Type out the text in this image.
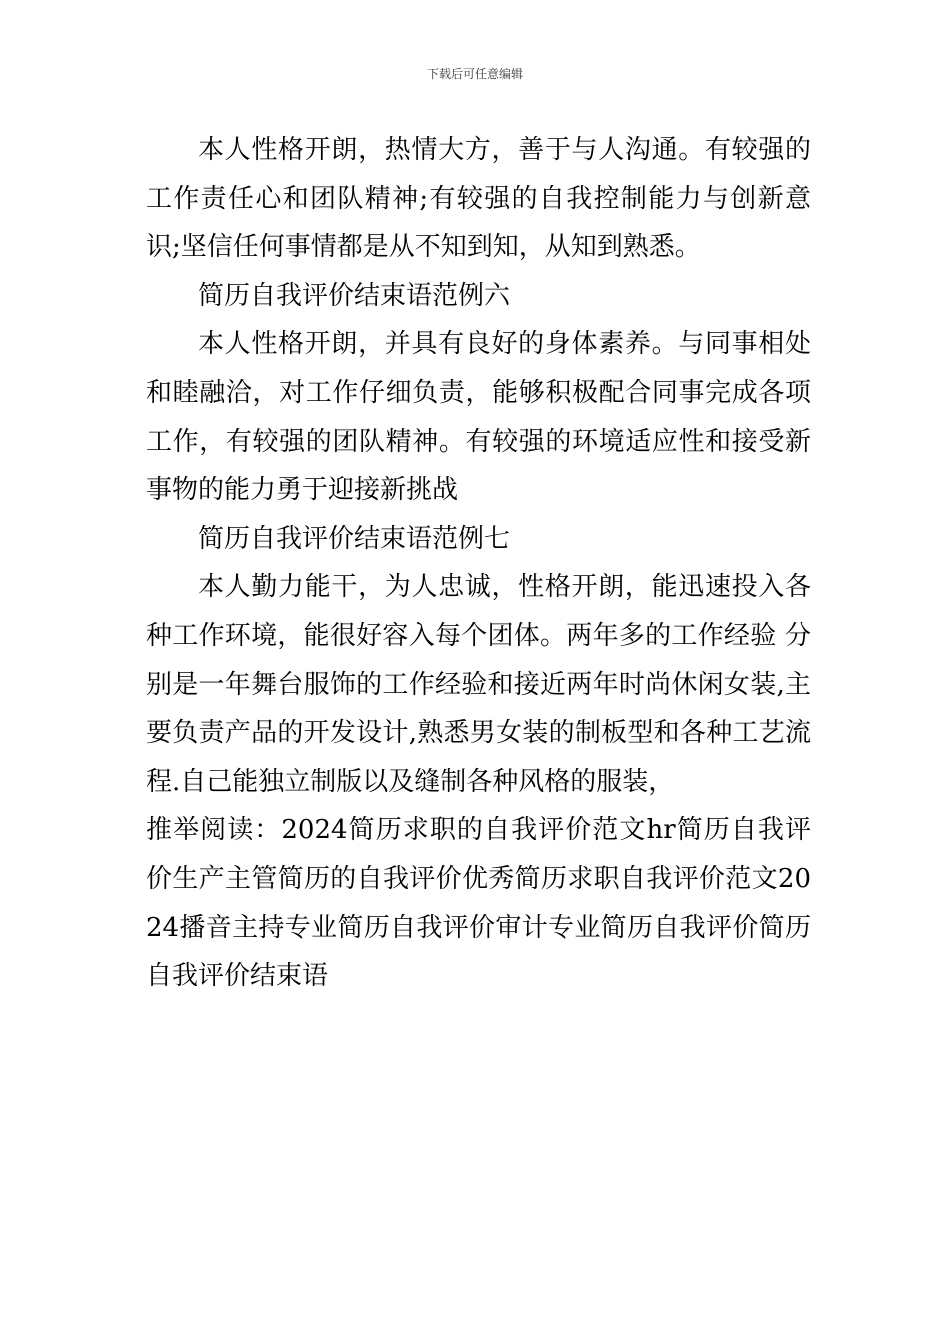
下载后可任意编辑

本人性格开朗，热情大方，善于与人沟通。有较强的工作责任心和团队精神;有较强的自我控制能力与创新意识;坚信任何事情都是从不知到知，从知到熟悉。

简历自我评价结束语范例六

本人性格开朗，并具有良好的身体素养。与同事相处和睦融洽，对工作仔细负责，能够积极配合同事完成各项工作，有较强的团队精神。有较强的环境适应性和接受新事物的能力勇于迎接新挑战

简历自我评价结束语范例七

本人勤力能干，为人忠诚，性格开朗，能迅速投入各种工作环境，能很好容入每个团体。两年多的工作经验 分别是一年舞台服饰的工作经验和接近两年时尚休闲女装,主要负责产品的开发设计,熟悉男女装的制板型和各种工艺流程.自己能独立制版以及缝制各种风格的服装，

推举阅读：2024简历求职的自我评价范文hr简历自我评价生产主管简历的自我评价优秀简历求职自我评价范文2024播音主持专业简历自我评价审计专业简历自我评价简历自我评价结束语
